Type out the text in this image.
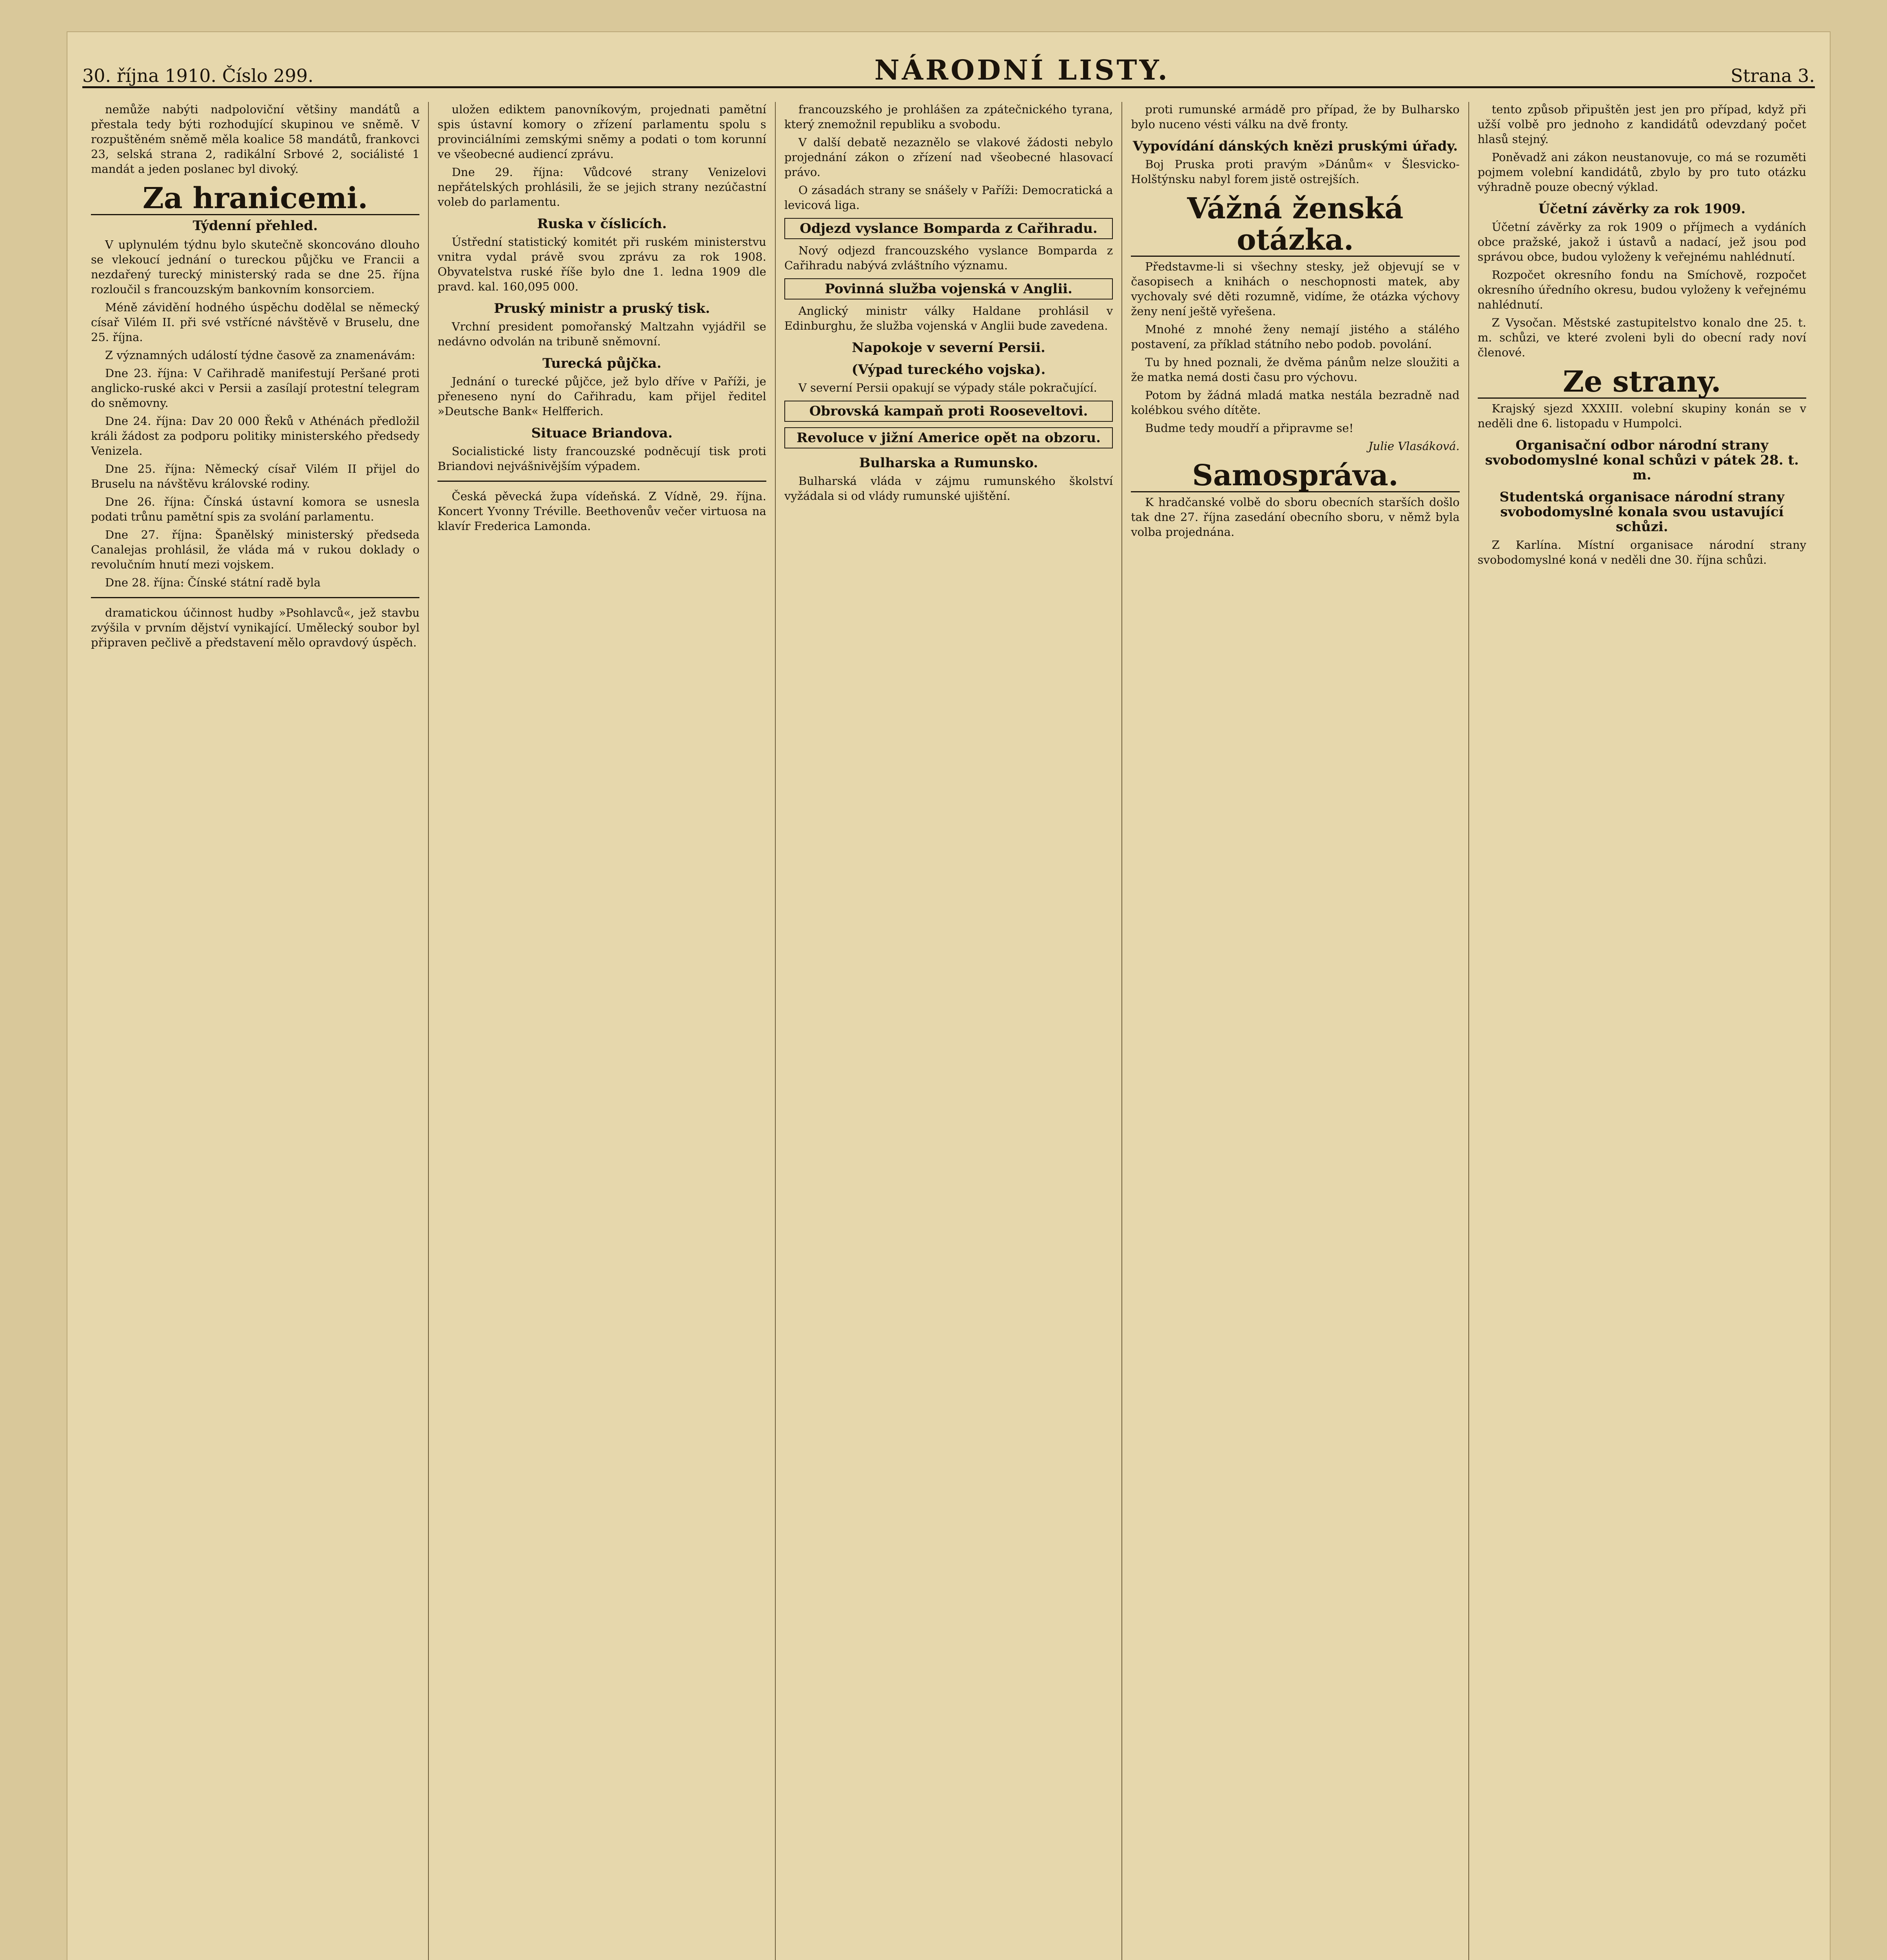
30. října 1910. Číslo 299.	NÁRODNÍ LISTY.	Strana 3.

nemůže nabýti nadpoloviční většiny mandátů a přestala tedy býti rozhodující skupinou ve sněmě. V rozpuštěném sněmě měla koalice 58 mandátů, frankovci 23, selská strana 2, radikální Srbové 2, sociálisté 1 mandát a jeden poslanec byl divoký.

Za hranicemi.
Týdenní přehled.

V uplynulém týdnu bylo skutečně skoncováno dlouho se vlekoucí jednání o tureckou půjčku ve Francii a nezdařený turecký ministerský rada se dne 25. října rozloučil s francouzským bankovním konsorciem.

Méně závidění hodného úspěchu dodělal se německý císař Vilém II. při své vstřícné návštěvě v Bruselu, dne 25. října.

Z významných událostí týdne časově za znamenávám:

Dne 23. října: V Cařihradě manifestují Peršané proti anglicko-ruské akci v Persii a zasílají protestní telegram do sněmovny.

Dne 24. října: Dav 20 000 Řeků v Athénách předložil králi žádost za podporu politiky ministerského předsedy Venizela.

Dne 25. října: Německý císař Vilém II přijel do Bruselu na návštěvu královské rodiny.

Dne 26. října: Čínská ústavní komora se usnesla podati trůnu pamětní spis za svolání parlamentu.

Dne 27. října: Španělský ministerský předseda Canalejas prohlásil, že vláda má v rukou doklady o revolučním hnutí mezi vojskem.

Dne 28. října: Čínské státní radě byla

dramatickou účinnost hudby »Psohlavců«, jež stavbu zvýšila v prvním dějství vynikající. Umělecký soubor byl připraven pečlivě a představení mělo opravdový úspěch.

uložen ediktem panovníkovým, projednati pamětní spis ústavní komory o zřízení parlamentu spolu s provinciálními zemskými sněmy a podati o tom korunní ve všeobecné audiencí zprávu.

Dne 29. října: Vůdcové strany Venizelovi nepřátelských prohlásili, že se jejich strany nezúčastní voleb do parlamentu.

Ruska v číslicích.

Ústřední statistický komitét při ruském ministerstvu vnitra vydal právě svou zprávu za rok 1908. Obyvatelstva ruské říše bylo dne 1. ledna 1909 dle pravd. kal. 160,095 000.

Pruský ministr a pruský tisk.

Vrchní president pomořanský Maltzahn vyjádřil se nedávno odvolán na tribuně sněmovní.

Turecká půjčka.

Jednání o turecké půjčce, jež bylo dříve v Paříži, je přeneseno nyní do Cařihradu, kam přijel ředitel »Deutsche Bank« Helfferich.

Situace Briandova.

Socialistické listy francouzské podněcují tisk proti Briandovi nejvášnivějším výpadem.

Česká pěvecká župa vídeňská. Z Vídně, 29. října. Koncert Yvonny Tréville. Beethovenův večer virtuosa na klavír Frederica Lamonda.

francouzského je prohlášen za zpátečnického tyrana, který znemožnil republiku a svobodu.

V další debatě nezaznělo se vlakové žádosti nebylo projednání zákon o zřízení nad všeobecné hlasovací právo.

O zásadách strany se snášely v Paříži: Democratická a levicová liga.

Odjezd vyslance Bomparda z Cařihradu.

Nový odjezd francouzského vyslance Bomparda z Cařihradu nabývá zvláštního významu.

Povinná služba vojenská v Anglii.

Anglický ministr války Haldane prohlásil v Edinburghu, že služba vojenská v Anglii bude zavedena.

Napokoje v severní Persii.
(Výpad tureckého vojska).

V severní Persii opakují se výpady stále pokračující.

Obrovská kampaň proti Rooseveltovi.
Revoluce v jižní Americe opět na obzoru.
Bulharska a Rumunsko.

Bulharská vláda v zájmu rumunského školství vyžádala si od vlády rumunské ujištění.

proti rumunské armádě pro případ, že by Bulharsko bylo nuceno vésti válku na dvě fronty.

Vypovídání dánských knězi pruskými úřady.

Boj Pruska proti pravým »Dánům« v Šlesvicko-Holštýnsku nabyl forem jistě ostrejších.

Vážná ženská otázka.

Představme-li si všechny stesky, jež objevují se v časopisech a knihách o neschopnosti matek, aby vychovaly své děti rozumně, vidíme, že otázka výchovy ženy není ještě vyřešena.

Mnohé z mnohé ženy nemají jistého a stálého postavení, za příklad státního nebo podob. povolání.

Tu by hned poznali, že dvěma pánům nelze sloužiti a že matka nemá dosti času pro výchovu.

Potom by žádná mladá matka nestála bezradně nad kolébkou svého dítěte.

Budme tedy moudří a připravme se!

Julie Vlasáková.

Samospráva.

K hradčanské volbě do sboru obecních starších došlo tak dne 27. října zasedání obecního sboru, v němž byla volba projednána.

tento způsob připuštěn jest jen pro případ, když při užší volbě pro jednoho z kandidátů odevzdaný počet hlasů stejný.

Poněvadž ani zákon neustanovuje, co má se rozuměti pojmem volební kandidátů, zbylo by pro tuto otázku výhradně pouze obecný výklad.

Účetní závěrky za rok 1909.

Účetní závěrky za rok 1909 o příjmech a vydáních obce pražské, jakož i ústavů a nadací, jež jsou pod správou obce, budou vyloženy k veřejnému nahlédnutí.

Rozpočet okresního fondu na Smíchově, rozpočet okresního úředního okresu, budou vyloženy k veřejnému nahlédnutí.

Z Vysočan. Městské zastupitelstvo konalo dne 25. t. m. schůzi, ve které zvoleni byli do obecní rady noví členové.

Ze strany.

Krajský sjezd XXXIII. volební skupiny konán se v neděli dne 6. listopadu v Humpolci.

Organisační odbor národní strany svobodomyslné konal schůzi v pátek 28. t. m.
Studentská organisace národní strany svobodomyslné konala svou ustavující schůzi.

Z Karlína. Místní organisace národní strany svobodomyslné koná v neděli dne 30. října schůzi.
